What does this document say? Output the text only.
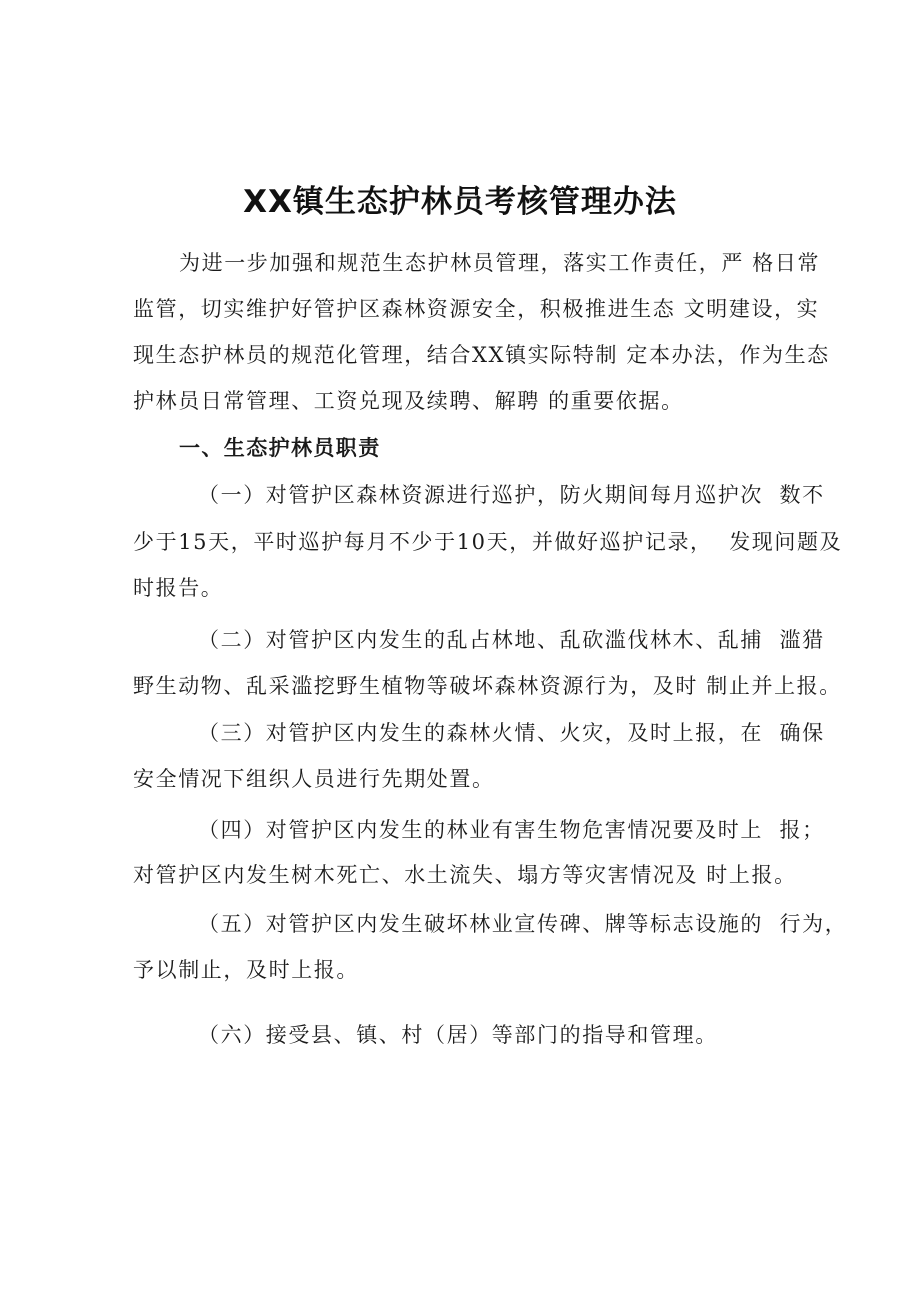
XX镇生态护林员考核管理办法
为进一步加强和规范生态护林员管理，落实工作责任，严 格日常
监管，切实维护好管护区森林资源安全，积极推进生态 文明建设，实
现生态护林员的规范化管理，结合XX镇实际特制 定本办法，作为生态
护林员日常管理、工资兑现及续聘、解聘 的重要依据。
一、生态护林员职责
（一）对管护区森林资源进行巡护，防火期间每月巡护次  数不
少于15天，平时巡护每月不少于10天，并做好巡护记录，  发现问题及
时报告。
（二）对管护区内发生的乱占林地、乱砍滥伐林木、乱捕  滥猎
野生动物、乱采滥挖野生植物等破坏森林资源行为，及时 制止并上报。
（三）对管护区内发生的森林火情、火灾，及时上报，在  确保
安全情况下组织人员进行先期处置。
（四）对管护区内发生的林业有害生物危害情况要及时上  报；
对管护区内发生树木死亡、水土流失、塌方等灾害情况及 时上报。
（五）对管护区内发生破坏林业宣传碑、牌等标志设施的  行为，
予以制止，及时上报。
（六）接受县、镇、村（居）等部门的指导和管理。
